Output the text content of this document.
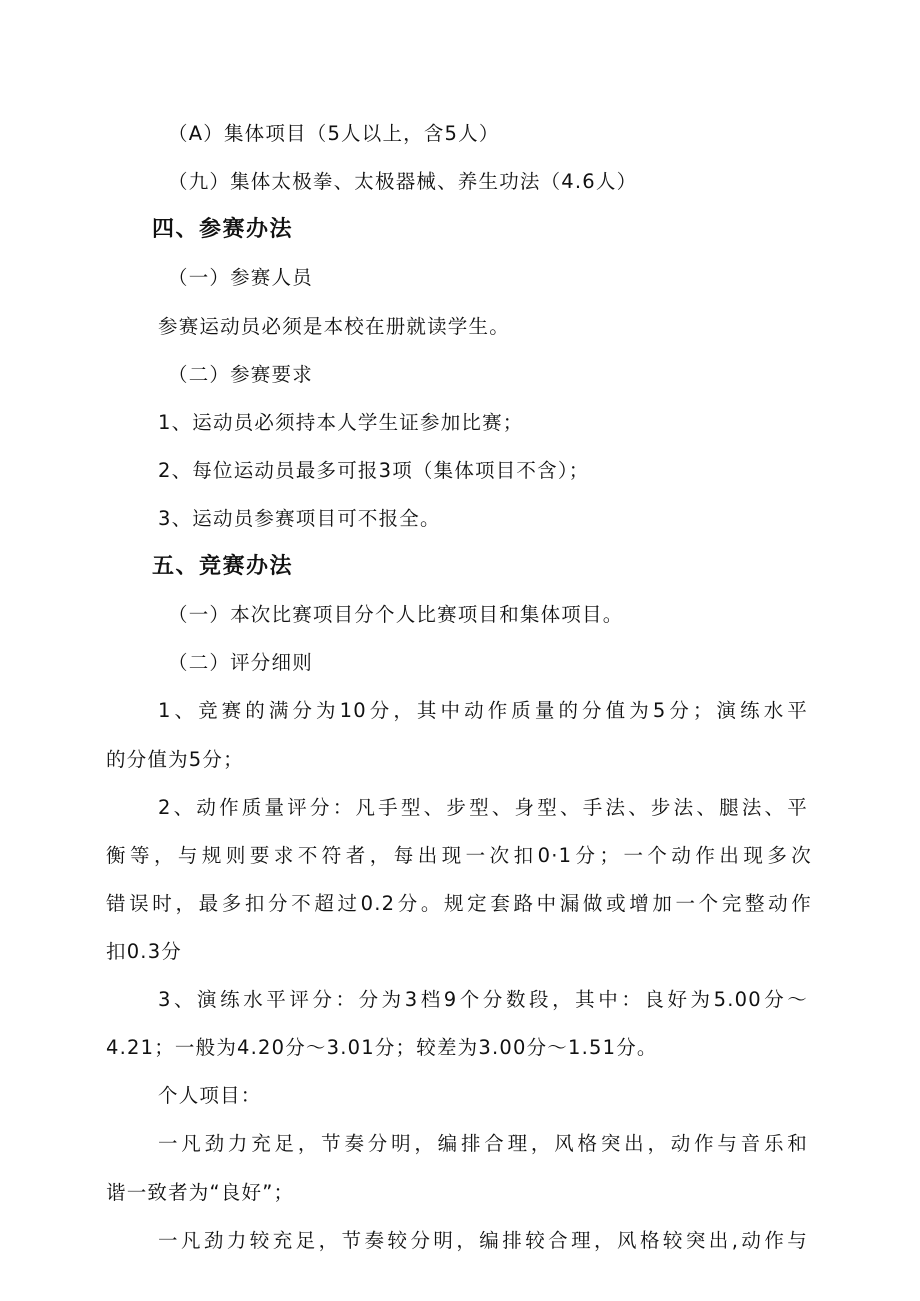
（A）集体项目（5人以上，含5人）
（九）集体太极拳、太极器械、养生功法（4.6人）
四、参赛办法
（一）参赛人员
参赛运动员必须是本校在册就读学生。
（二）参赛要求
1、运动员必须持本人学生证参加比赛；
2、每位运动员最多可报3项（集体项目不含）；
3、运动员参赛项目可不报全。
五、竞赛办法
（一）本次比赛项目分个人比赛项目和集体项目。
（二）评分细则
1、竞赛的满分为10分，其中动作质量的分值为5分；演练水平
的分值为5分；
2、动作质量评分：凡手型、步型、身型、手法、步法、腿法、平
衡等，与规则要求不符者，每出现一次扣0·1分；一个动作出现多次
错误时，最多扣分不超过0.2分。规定套路中漏做或增加一个完整动作
扣0.3分
3、演练水平评分：分为3档9个分数段，其中：良好为5.00分～
4.21；一般为4.20分～3.01分；较差为3.00分～1.51分。
个人项目：
一凡劲力充足，节奏分明，编排合理，风格突出，动作与音乐和
谐一致者为“良好”；
一凡劲力较充足，节奏较分明，编排较合理，风格较突出,动作与
